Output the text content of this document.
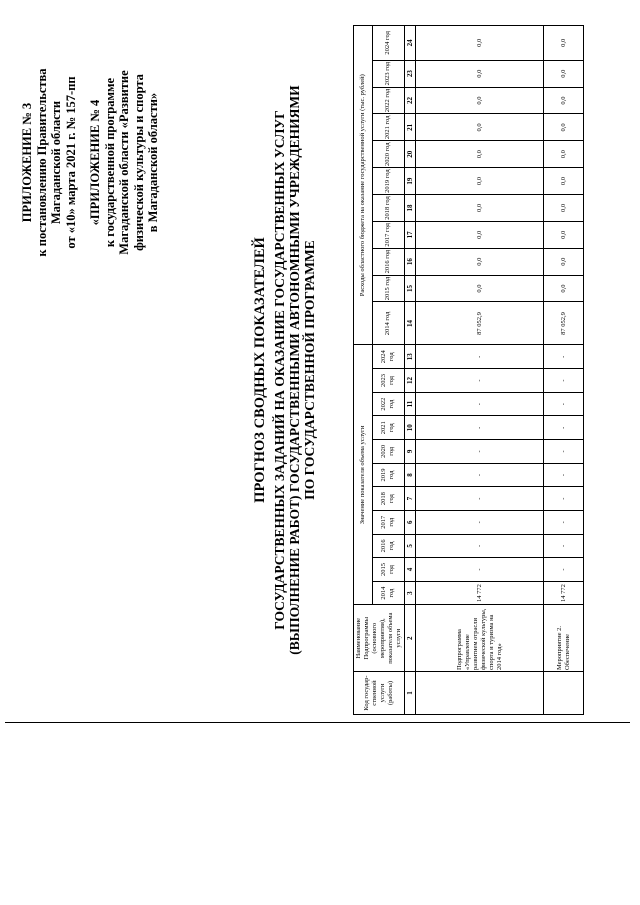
ПРИЛОЖЕНИЕ № 3 к постановлению Правительства Магаданской области от «10» марта 2021 г. № 157-пп «ПРИЛОЖЕНИЕ № 4 к государственной программе Магаданской области «Развитие физической культуры и спорта в Магаданской области»
ПРОГНОЗ СВОДНЫХ ПОКАЗАТЕЛЕЙ ГОСУДАРСТВЕННЫХ ЗАДАНИЙ НА ОКАЗАНИЕ ГОСУДАРСТВЕННЫХ УСЛУГ (ВЫПОЛНЕНИЕ РАБОТ) ГОСУДАРСТВЕННЫМИ АВТОНОМНЫМИ УЧРЕЖДЕНИЯМИ ПО ГОСУДАРСТВЕННОЙ ПРОГРАММЕ
Код государ- ственной услуги (работы)	Наименование Подпрограммы (основного мероприятия), показателя объема услуги	Значение показателя объема услуги											Расходы областного бюджета на оказание государственной услуги (тыс. рублей)										
		2014 год	2015 год	2016 год	2017 год	2018 год	2019 год	2020 год	2021 год	2022 год	2023 год	2024 год	2014 год	2015 год	2016 год	2017 год	2018 год	2019 год	2020 год	2021 год	2022 год	2023 год	2024 год
1	2	3	4	5	6	7	8	9	10	11	12	13	14	15	16	17	18	19	20	21	22	23	24
	Подпрограмма «Управление развитием отрасли физической культуры, спорта и туризма на 2014 год»	14 772	-	-	-	-	-	-	-	-	-	-	87 052,9	0,0	0,0	0,0	0,0	0,0	0,0	0,0	0,0	0,0	0,0
	Мероприятие 2. Обеспечение	14 772	-	-	-	-	-	-	-	-	-	-	87 052,9	0,0	0,0	0,0	0,0	0,0	0,0	0,0	0,0	0,0	0,0
